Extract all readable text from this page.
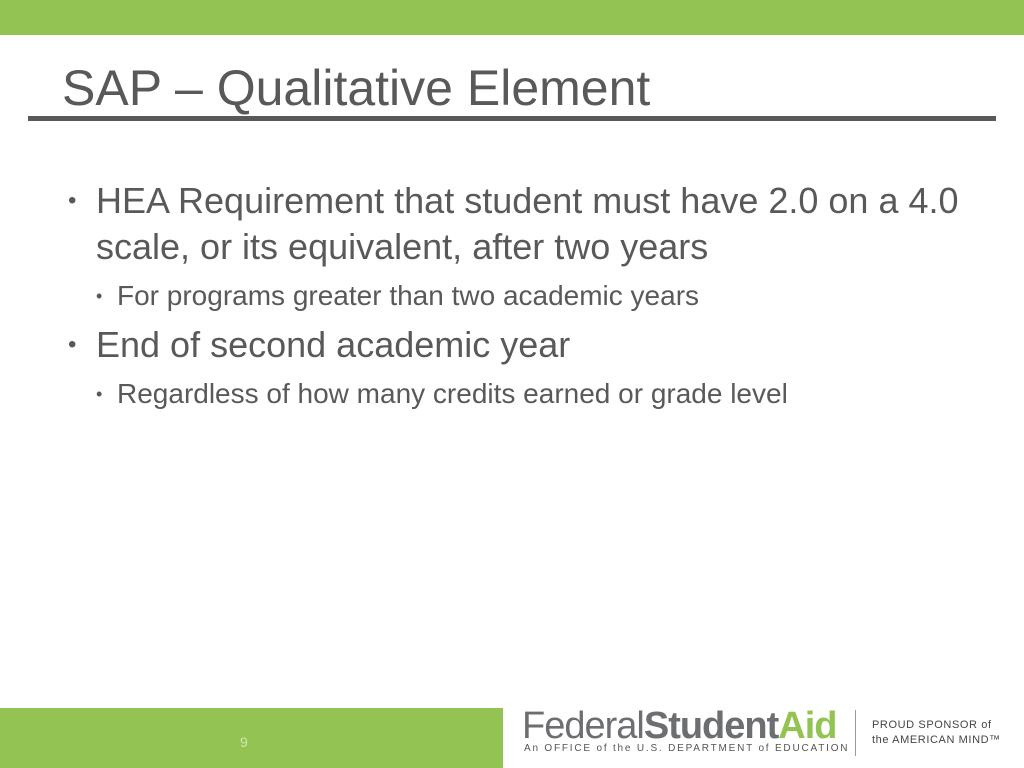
SAP – Qualitative Element
• HEA Requirement that student must have 2.0 on a 4.0 scale, or its equivalent, after two years
• For programs greater than two academic years
• End of second academic year
• Regardless of how many credits earned or grade level
9	FederalStudentAid
An OFFICE of the U.S. DEPARTMENT of EDUCATION
PROUD SPONSOR of
the AMERICAN MIND™
